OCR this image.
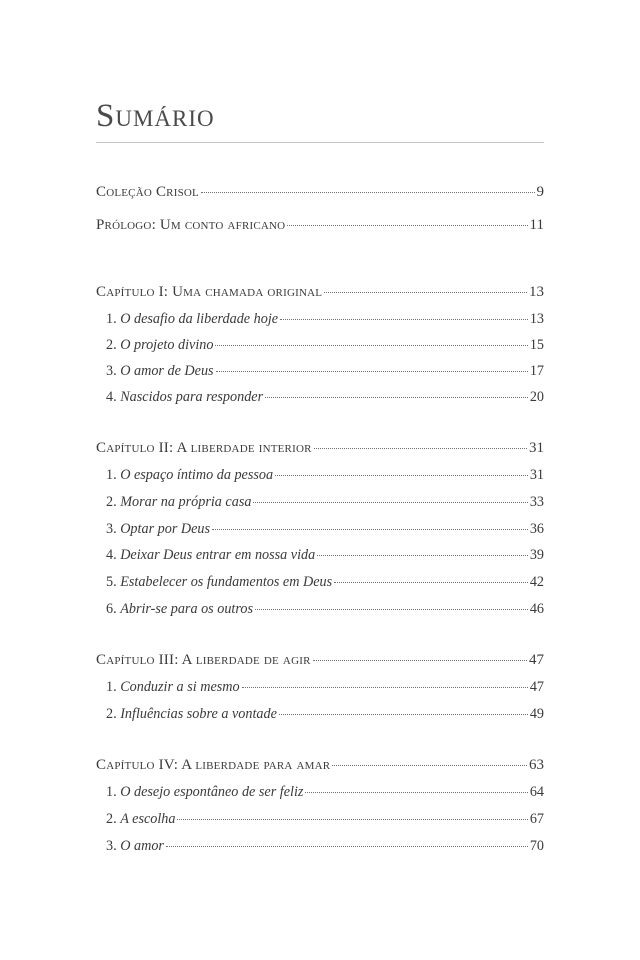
Sumário
Coleção Crisol	9
Prólogo: Um conto africano	11
Capítulo I: Uma chamada original	13
1. O desafio da liberdade hoje	13
2. O projeto divino	15
3. O amor de Deus	17
4. Nascidos para responder	20
Capítulo II: A liberdade interior	31
1. O espaço íntimo da pessoa	31
2. Morar na própria casa	33
3. Optar por Deus	36
4. Deixar Deus entrar em nossa vida	39
5. Estabelecer os fundamentos em Deus	42
6. Abrir-se para os outros	46
Capítulo III: A liberdade de agir	47
1. Conduzir a si mesmo	47
2. Influências sobre a vontade	49
Capítulo IV: A liberdade para amar	63
1. O desejo espontâneo de ser feliz	64
2. A escolha	67
3. O amor	70
